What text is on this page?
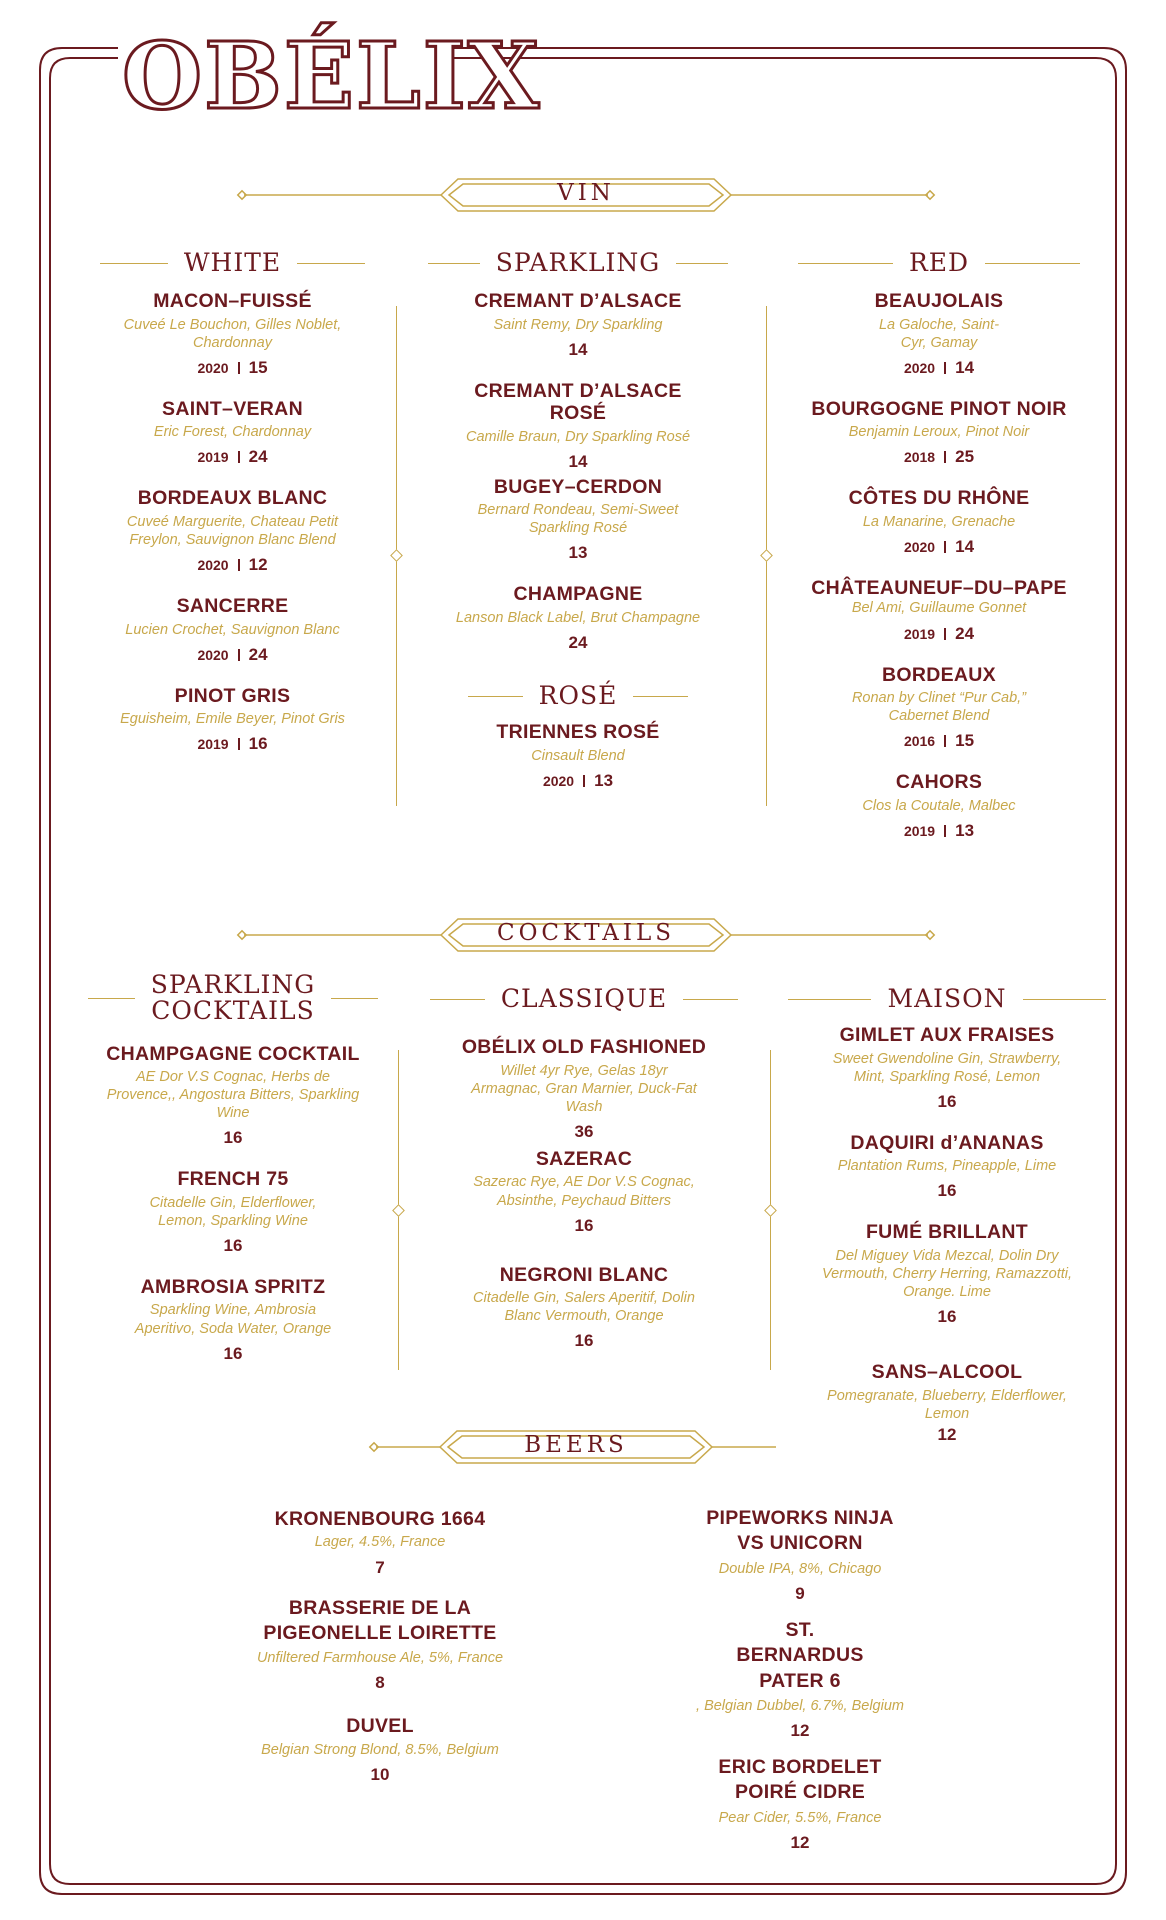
OBÉLIX
VIN
WHITE
MACON–FUISSÉ
Cuveé Le Bouchon, Gilles Noblet, Chardonnay
2020 15
SAINT–VERAN
Eric Forest, Chardonnay
2019 24
BORDEAUX BLANC
Cuveé Marguerite, Chateau Petit Freylon, Sauvignon Blanc Blend
2020 12
SANCERRE
Lucien Crochet, Sauvignon Blanc
2020 24
PINOT GRIS
Eguisheim, Emile Beyer, Pinot Gris
2019 16
SPARKLING
CREMANT D’ALSACE
Saint Remy, Dry Sparkling
14
CREMANT D’ALSACE ROSÉ
Camille Braun, Dry Sparkling Rosé
14
BUGEY–CERDON
Bernard Rondeau, Semi-Sweet Sparkling Rosé
13
CHAMPAGNE
Lanson Black Label, Brut Champagne
24
ROSÉ
TRIENNES ROSÉ
Cinsault Blend
2020 13
RED
BEAUJOLAIS
La Galoche, Saint-Cyr, Gamay
2020 14
BOURGOGNE PINOT NOIR
Benjamin Leroux, Pinot Noir
2018 25
CÔTES DU RHÔNE
La Manarine, Grenache
2020 14
CHÂTEAUNEUF–DU–PAPE
Bel Ami, Guillaume Gonnet
2019 24
BORDEAUX
Ronan by Clinet “Pur Cab,” Cabernet Blend
2016 15
CAHORS
Clos la Coutale, Malbec
2019 13
COCKTAILS
SPARKLING
COCKTAILS
CHAMPGAGNE COCKTAIL
AE Dor V.S Cognac, Herbs de Provence,, Angostura Bitters, Sparkling Wine
16
FRENCH 75
Citadelle Gin, Elderflower, Lemon, Sparkling Wine
16
AMBROSIA SPRITZ
Sparkling Wine, Ambrosia Aperitivo, Soda Water, Orange
16
CLASSIQUE
OBÉLIX OLD FASHIONED
Willet 4yr Rye, Gelas 18yr Armagnac, Gran Marnier, Duck-Fat Wash
36
SAZERAC
Sazerac Rye, AE Dor V.S Cognac, Absinthe, Peychaud Bitters
16
NEGRONI BLANC
Citadelle Gin, Salers Aperitif, Dolin Blanc Vermouth, Orange
16
MAISON
GIMLET AUX FRAISES
Sweet Gwendoline Gin, Strawberry, Mint, Sparkling Rosé, Lemon
16
DAQUIRI d’ANANAS
Plantation Rums, Pineapple, Lime
16
FUMÉ BRILLANT
Del Miguey Vida Mezcal, Dolin Dry Vermouth, Cherry Herring, Ramazzotti, Orange. Lime
16
SANS–ALCOOL
Pomegranate, Blueberry, Elderflower, Lemon
12
BEERS
KRONENBOURG 1664
Lager, 4.5%, France
7
BRASSERIE DE LA PIGEONELLE LOIRETTE
Unfiltered Farmhouse Ale, 5%, France
8
DUVEL
Belgian Strong Blond, 8.5%, Belgium
10
PIPEWORKS NINJA VS UNICORN
Double IPA, 8%, Chicago
9
ST. BERNARDUS PATER 6
, Belgian Dubbel, 6.7%, Belgium
12
ERIC BORDELET POIRÉ CIDRE
Pear Cider, 5.5%, France
12
